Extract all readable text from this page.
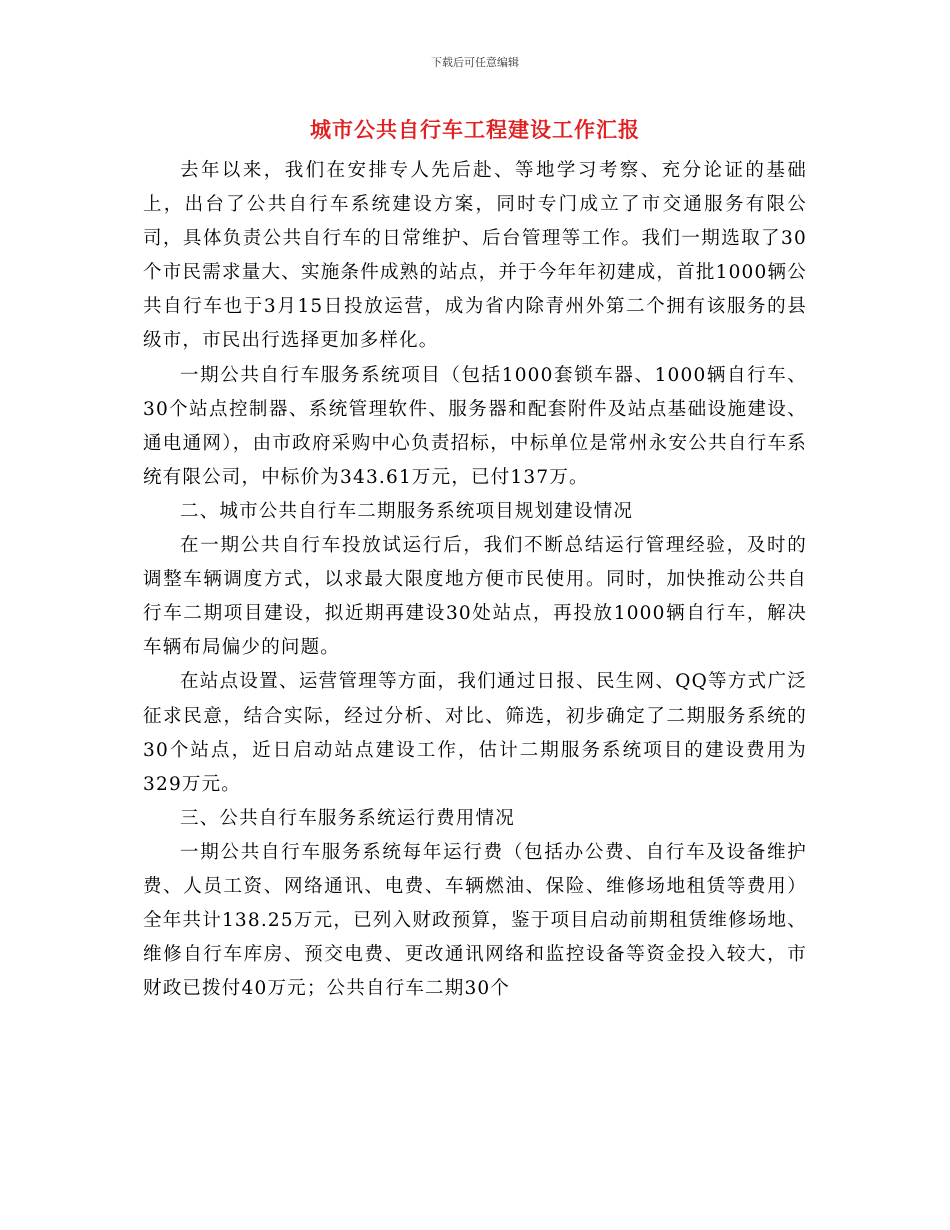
下载后可任意编辑
城市公共自行车工程建设工作汇报

去年以来，我们在安排专人先后赴、等地学习考察、充分论证的基础上，出台了公共自行车系统建设方案，同时专门成立了市交通服务有限公司，具体负责公共自行车的日常维护、后台管理等工作。我们一期选取了30个市民需求量大、实施条件成熟的站点，并于今年年初建成，首批1000辆公共自行车也于3月15日投放运营，成为省内除青州外第二个拥有该服务的县级市，市民出行选择更加多样化。

一期公共自行车服务系统项目（包括1000套锁车器、1000辆自行车、30个站点控制器、系统管理软件、服务器和配套附件及站点基础设施建设、通电通网），由市政府采购中心负责招标，中标单位是常州永安公共自行车系统有限公司，中标价为343.61万元，已付137万。

二、城市公共自行车二期服务系统项目规划建设情况

在一期公共自行车投放试运行后，我们不断总结运行管理经验，及时的调整车辆调度方式，以求最大限度地方便市民使用。同时，加快推动公共自行车二期项目建设，拟近期再建设30处站点，再投放1000辆自行车，解决车辆布局偏少的问题。

在站点设置、运营管理等方面，我们通过日报、民生网、QQ等方式广泛征求民意，结合实际，经过分析、对比、筛选，初步确定了二期服务系统的30个站点，近日启动站点建设工作，估计二期服务系统项目的建设费用为329万元。

三、公共自行车服务系统运行费用情况

一期公共自行车服务系统每年运行费（包括办公费、自行车及设备维护费、人员工资、网络通讯、电费、车辆燃油、保险、维修场地租赁等费用）全年共计138.25万元，已列入财政预算，鉴于项目启动前期租赁维修场地、维修自行车库房、预交电费、更改通讯网络和监控设备等资金投入较大，市财政已拨付40万元；公共自行车二期30个
